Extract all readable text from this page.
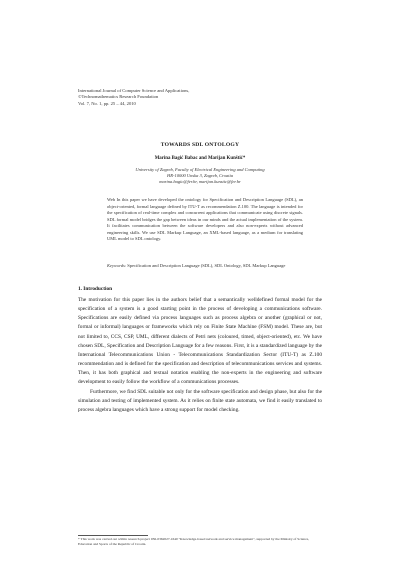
International Journal of Computer Science and Applications,
©Technomathematics Research Foundation
Vol. 7, No. 1, pp. 25 – 44, 2010
TOWARDS SDL ONTOLOGY
Marina Bagić Babac and Marijan Kunštić*
University of Zagreb, Faculty of Electrical Engineering and Computing
HR-10000 Unska 3, Zagreb, Croatia
marina.bagic@fer.hr, marijan.kunstic@fer.hr
Web In this paper we have developed the ontology for Specification and Description Language (SDL), an object-oriented, formal language defined by ITU-T as recommendation Z.100. The language is intended for the specification of real-time complex and concurrent applications that communicate using discrete signals. SDL formal model bridges the gap between ideas in our minds and the actual implementation of the system. It facilitates communication between the software developers and also non-experts without advanced engineering skills. We use SDL Markup Language, an XML-based language, as a medium for translating UML model to SDL ontology.
Keywords: Specification and Description Language (SDL), SDL Ontology, SDL Markup Language
1. Introduction

The motivation for this paper lies in the authors belief that a semantically welldefined formal model for the specification of a system is a good starting point in the process of developing a communications software. Specifications are easily defined via process languages such as process algebra or another (graphical or not, formal or informal) languages or frameworks which rely on Finite State Machine (FSM) model. These are, but not limited to, CCS, CSP, UML, different dialects of Petri nets (coloured, timed, object-oriented), etc. We have chosen SDL, Specification and Description Language for a few reasons. First, it is a standardized language by the International Telecommunications Union - Telecommunications Standardization Sector (ITU-T) as Z.100 recommendation and is defined for the specification and description of telecommunications services and systems. Then, it has both graphical and textual notation enabling the non-experts in the engineering and software development to easily follow the workflow of a communications processes.

Furthermore, we find SDL suitable not only for the software specification and design phase, but also for the simulation and testing of implemented system. As it relies on finite state automata, we find it easily translated to process algebra languages which have a strong support for model checking.

* This work was carried out within research project 036-0362027-1640 "Knowledge-based network and service management", supported by the Ministry of Science, Education and Sports of the Republic of Croatia.
